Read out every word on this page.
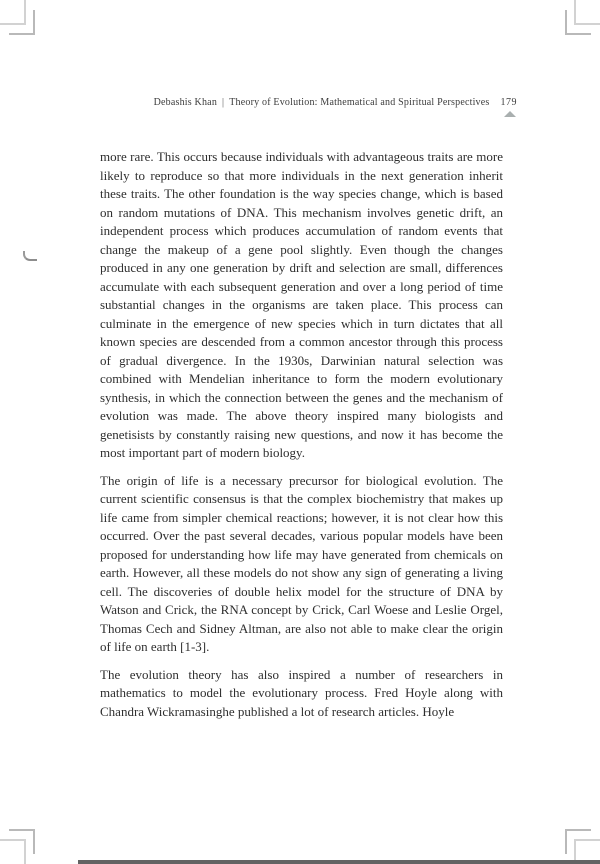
Debashis Khan | Theory of Evolution: Mathematical and Spiritual Perspectives 179

more rare. This occurs because individuals with advantageous traits are more likely to reproduce so that more individuals in the next generation inherit these traits. The other foundation is the way species change, which is based on random mutations of DNA. This mechanism involves genetic drift, an independent process which produces accumulation of random events that change the makeup of a gene pool slightly. Even though the changes produced in any one generation by drift and selection are small, differences accumulate with each subsequent generation and over a long period of time substantial changes in the organisms are taken place. This process can culminate in the emergence of new species which in turn dictates that all known species are descended from a common ancestor through this process of gradual divergence. In the 1930s, Darwinian natural selection was combined with Mendelian inheritance to form the modern evolutionary synthesis, in which the connection between the genes and the mechanism of evolution was made. The above theory inspired many biologists and genetisists by constantly raising new questions, and now it has become the most important part of modern biology.

The origin of life is a necessary precursor for biological evolution. The current scientific consensus is that the complex biochemistry that makes up life came from simpler chemical reactions; however, it is not clear how this occurred. Over the past several decades, various popular models have been proposed for understanding how life may have generated from chemicals on earth. However, all these models do not show any sign of generating a living cell. The discoveries of double helix model for the structure of DNA by Watson and Crick, the RNA concept by Crick, Carl Woese and Leslie Orgel, Thomas Cech and Sidney Altman, are also not able to make clear the origin of life on earth [1-3].

The evolution theory has also inspired a number of researchers in mathematics to model the evolutionary process. Fred Hoyle along with Chandra Wickramasinghe published a lot of research articles. Hoyle
